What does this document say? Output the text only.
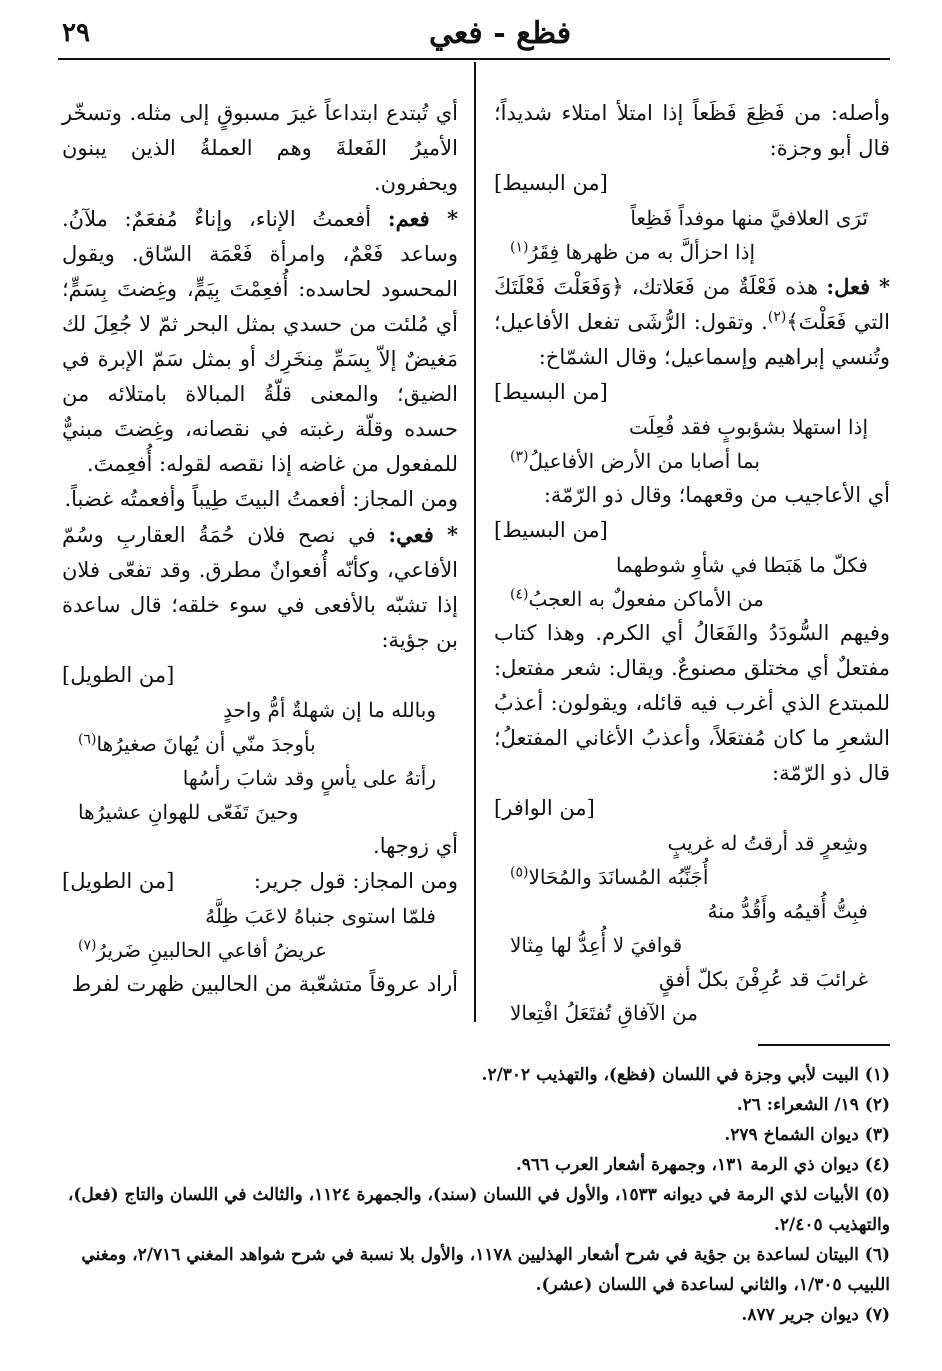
فظع - فعي
٢٩

وأصله: من فَظِعَ فَظَعاً إذا امتلأ امتلاء شديداً؛ قال أبو وجزة:
[من البسيط]

تَرَى العلافيَّ منها موفداً فَظِعاً
إذا احزألَّ به من ظهرها فِقَرُ$^{(١)}$

* فعل: هذه فَعْلَةٌ من فَعَلاتك، ﴿وَفَعَلْتَ فَعْلَتَكَ التي فَعَلْتَ﴾$^{(٢)}$. وتقول: الرُّشَى تفعل الأفاعيل؛ وتُنسي إبراهيم وإسماعيل؛ وقال الشمّاخ:
[من البسيط]

إذا استهلا بشؤبوبٍ فقد فُعِلَت
بما أصابا من الأرض الأفاعيلُ$^{(٣)}$

أي الأعاجيب من وقعهما؛ وقال ذو الرّمّة:
[من البسيط]

فكلّ ما هَبَطا في شأوِ شوطهما
من الأماكن مفعولٌ به العجبُ$^{(٤)}$

وفيهم السُّودَدُ والفَعَالُ أي الكرم. وهذا كتاب مفتعلٌ أي مختلق مصنوعٌ. ويقال: شعر مفتعل: للمبتدع الذي أغرب فيه قائله، ويقولون: أعذبُ الشعرِ ما كان مُفتعَلاً، وأعذبُ الأغاني المفتعلُ؛ قال ذو الرّمّة:
[من الوافر]

وشِعرٍ قد أرقتُ له غريبٍ
أُجَنِّبُه المُسانَدَ والمُحَالا$^{(٥)}$
فبِتُّ أُقيمُه وأَقُدُّ منهُ
قوافيَ لا أُعِدُّ لها مِثالا
غرائبَ قد عُرِفْنَ بكلّ أفقٍ
من الآفاقِ تُفتَعَلُ افْتِعالا

أي تُبتدع ابتداعاً غيرَ مسبوقٍ إلى مثله. وتسخّر الأميرُ الفَعلةَ وهم العملةُ الذين يبنون ويحفرون.

* فعم: أفعمتُ الإناء، وإناءٌ مُفعَمٌ: ملآنُ. وساعد فَعْمٌ، وامرأة فَعْمَة السّاق. ويقول المحسود لحاسده: أُفعِمْتَ بِيَمٍّ، وغِضتَ بِسَمٍّ؛ أي مُلئت من حسدي بمثل البحر ثمّ لا جُعِلَ لك مَغيضٌ إلاّ بِسَمِّ مِنخَرِك أو بمثل سَمّ الإبرة في الضيق؛ والمعنى قلّةُ المبالاة بامتلائه من حسده وقلّة رغبته في نقصانه، وغِضتَ مبنيٌّ للمفعول من غاضه إذا نقصه لقوله: أُفعِمتَ.

ومن المجاز: أفعمتُ البيتَ طِيباً وأفعمتُه غضباً.

* فعي: في نصح فلان حُمَةُ العقاربِ وسُمّ الأفاعي، وكأنّه أُفعوانٌ مطرق. وقد تفعّى فلان إذا تشبّه بالأفعى في سوء خلقه؛ قال ساعدة بن جؤية:
[من الطويل]

وبالله ما إن شهلةٌ أمُّ واحدٍ
بأوجدَ منّي أن يُهانَ صغيرُها$^{(٦)}$
رأتهُ على يأسٍ وقد شابَ رأسُها
وحينَ تَفَعّى للهوانِ عشيرُها

أي زوجها.

ومن المجاز: قول جرير:
[من الطويل]

فلمّا استوى جنباهُ لاعَبَ ظِلَّهُ
عريضُ أفاعي الحالبينِ ضَريرُ$^{(٧)}$

أراد عروقاً متشعّبة من الحالبين ظهرت لفرط

(١) البيت لأبي وجزة في اللسان (فظع)، والتهذيب ٢/٣٠٢.

(٢) ١٩/ الشعراء: ٢٦.

(٣) ديوان الشماخ ٢٧٩.

(٤) ديوان ذي الرمة ١٣١، وجمهرة أشعار العرب ٩٦٦.

(٥) الأبيات لذي الرمة في ديوانه ١٥٣٣، والأول في اللسان (سند)، والجمهرة ١١٢٤، والثالث في اللسان والتاج (فعل)، والتهذيب ٢/٤٠٥.

(٦) البيتان لساعدة بن جؤية في شرح أشعار الهذليين ١١٧٨، والأول بلا نسبة في شرح شواهد المغني ٢/٧١٦، ومغني اللبيب ١/٣٠٥، والثاني لساعدة في اللسان (عشر).

(٧) ديوان جرير ٨٧٧.
